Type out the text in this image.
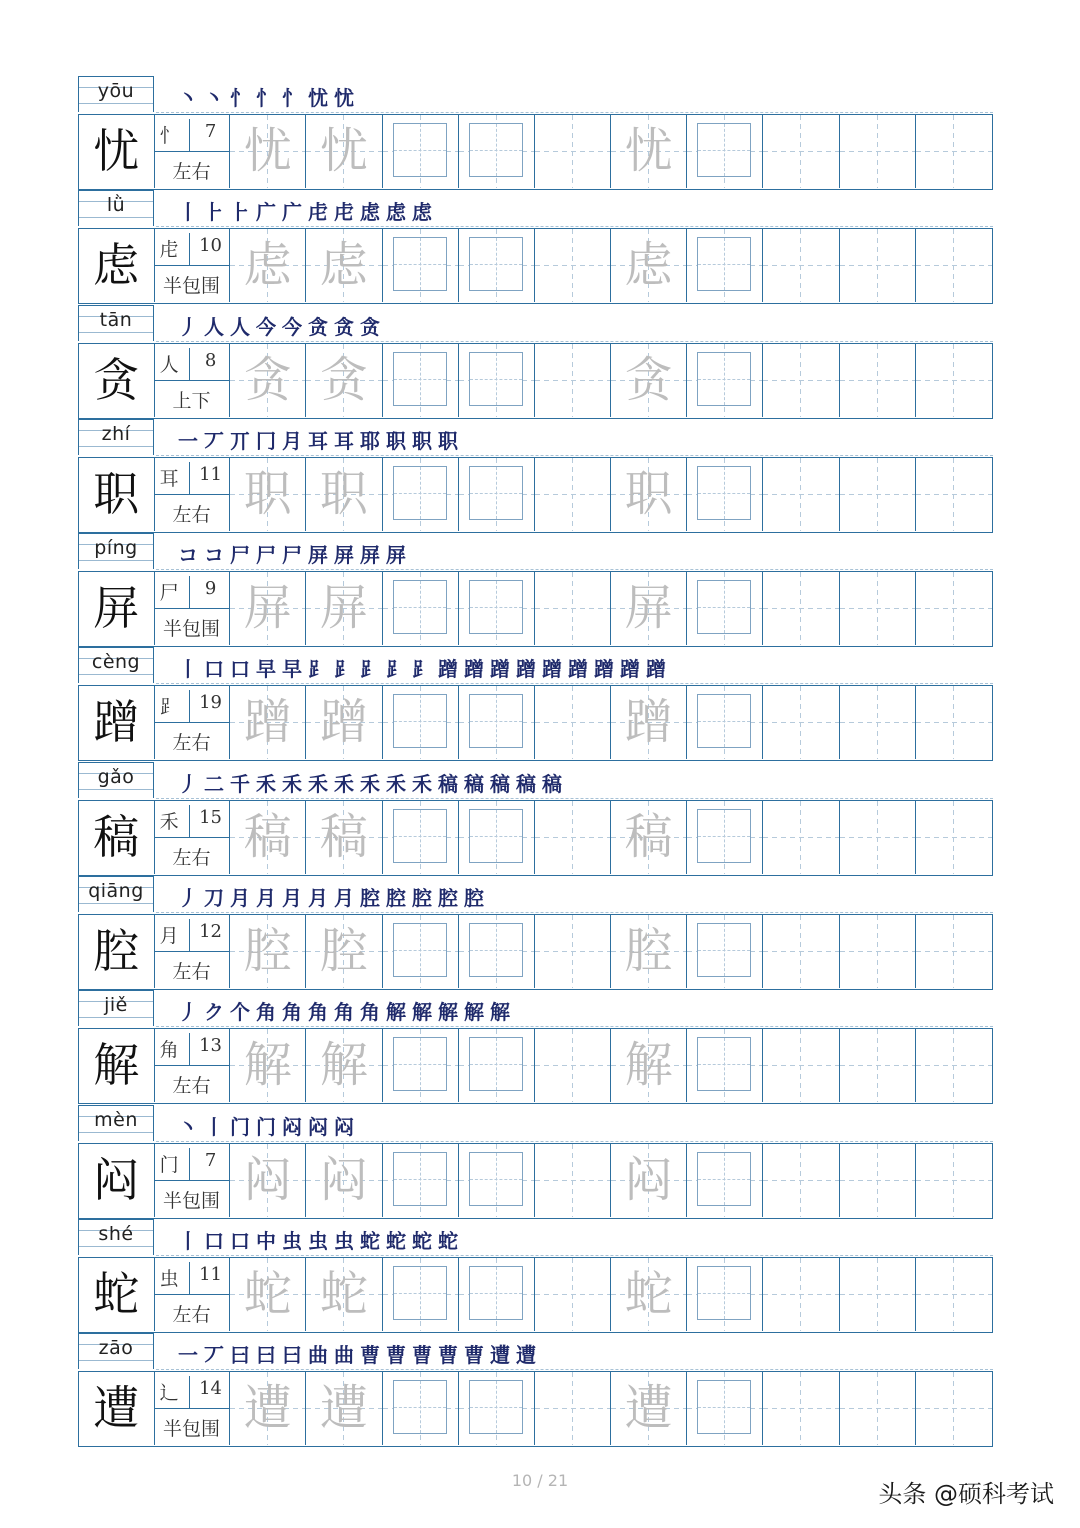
yōu	丶 丶 忄 忄 忄 忧 忧
忧	忄	7
左右 忧 忧	忧
lǜ	丨 ⺊ ⺊ 广 广 虍 虍 虑 虑 虑
虑	虍	10
半包围 虑 虑	虑
tān	丿 人 人 今 今 贪 贪 贪
贪	人	8
上下 贪 贪	贪
zhí	一 丆 丌 冂 月 耳 耳 耶 职 职 职
职	耳	11
左右 职 职	职
píng	コ コ 尸 尸 尸 屏 屏 屏 屏
屏	尸	9
半包围 屏 屏	屏
cèng	丨 口 口 早 早 ⻊ ⻊ ⻊ ⻊ ⻊ 蹭 蹭 蹭 蹭 蹭 蹭 蹭 蹭 蹭
蹭	⻊	19
左右 蹭 蹭	蹭
gǎo	丿 二 千 禾 禾 禾 禾 禾 禾 禾 稿 稿 稿 稿 稿
稿	禾	15
左右 稿 稿	稿
qiāng	丿 刀 月 月 月 月 月 腔 腔 腔 腔 腔
腔	月	12
左右 腔 腔	腔
jiě	丿 ク 个 角 角 角 角 角 解 解 解 解 解
解	角	13
左右 解 解	解
mèn	丶 丨 门 门 闷 闷 闷
闷	门	7
半包围 闷 闷	闷
shé	丨 口 口 中 虫 虫 虫 蛇 蛇 蛇 蛇
蛇	虫	11
左右 蛇 蛇	蛇
zāo	一 丆 曰 曰 曰 曲 曲 曹 曹 曹 曹 曹 遭 遭
遭	辶	14
半包围 遭 遭	遭
10 / 21	头条 @硕科考试
